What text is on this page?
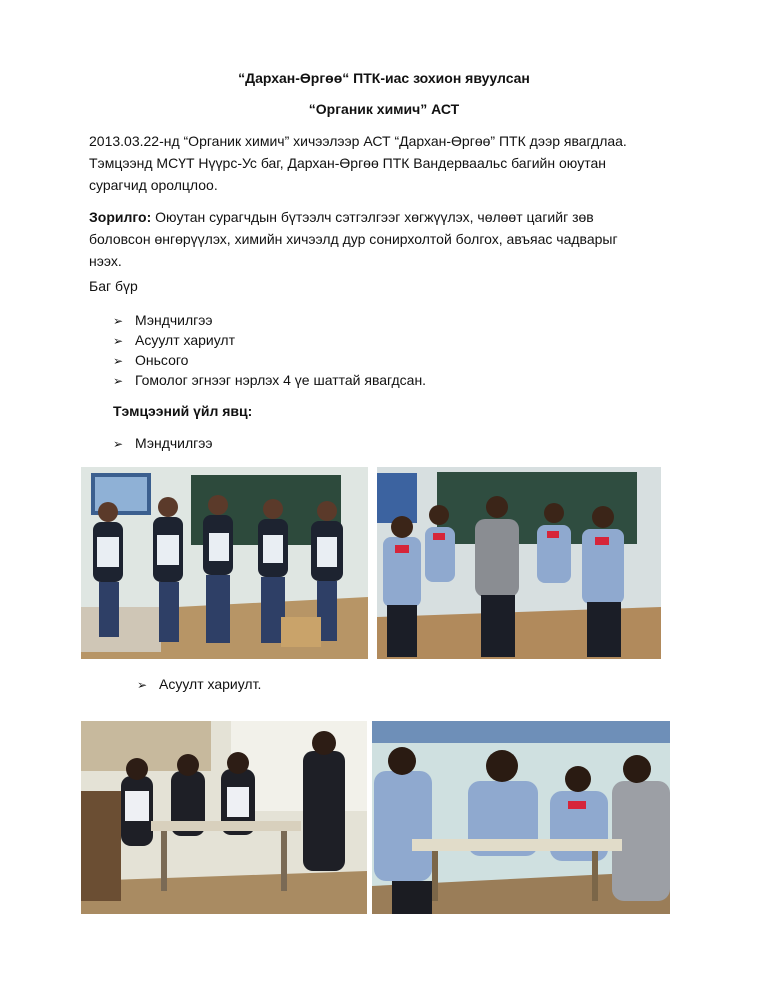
“Дархан-Өргөө“ ПТК-иас зохион явуулсан
“Органик химич” АСТ
2013.03.22-нд “Органик химич” хичээлээр АСТ “Дархан-Өргөө” ПТК дээр явагдлаа.
Тэмцээнд МСҮТ Нүүрс-Ус баг, Дархан-Өргөө ПТК Вандерваальс багийн оюутан
сурагчид оролцлоо.
Зорилго: Оюутан сурагчдын бүтээлч сэтгэлгээг хөгжүүлэх, чөлөөт цагийг зөв
боловсон өнгөрүүлэх, химийн хичээлд дур сонирхолтой болгох, авъяас чадварыг
нээх.
Баг бүр
➢ Мэндчилгээ
➢ Асуулт хариулт
➢ Оньсого
➢ Гомолог эгнээг нэрлэх 4 үе шаттай явагдсан.
Тэмцээний үйл явц:
➢ Мэндчилгээ
➢ Асуулт хариулт.
